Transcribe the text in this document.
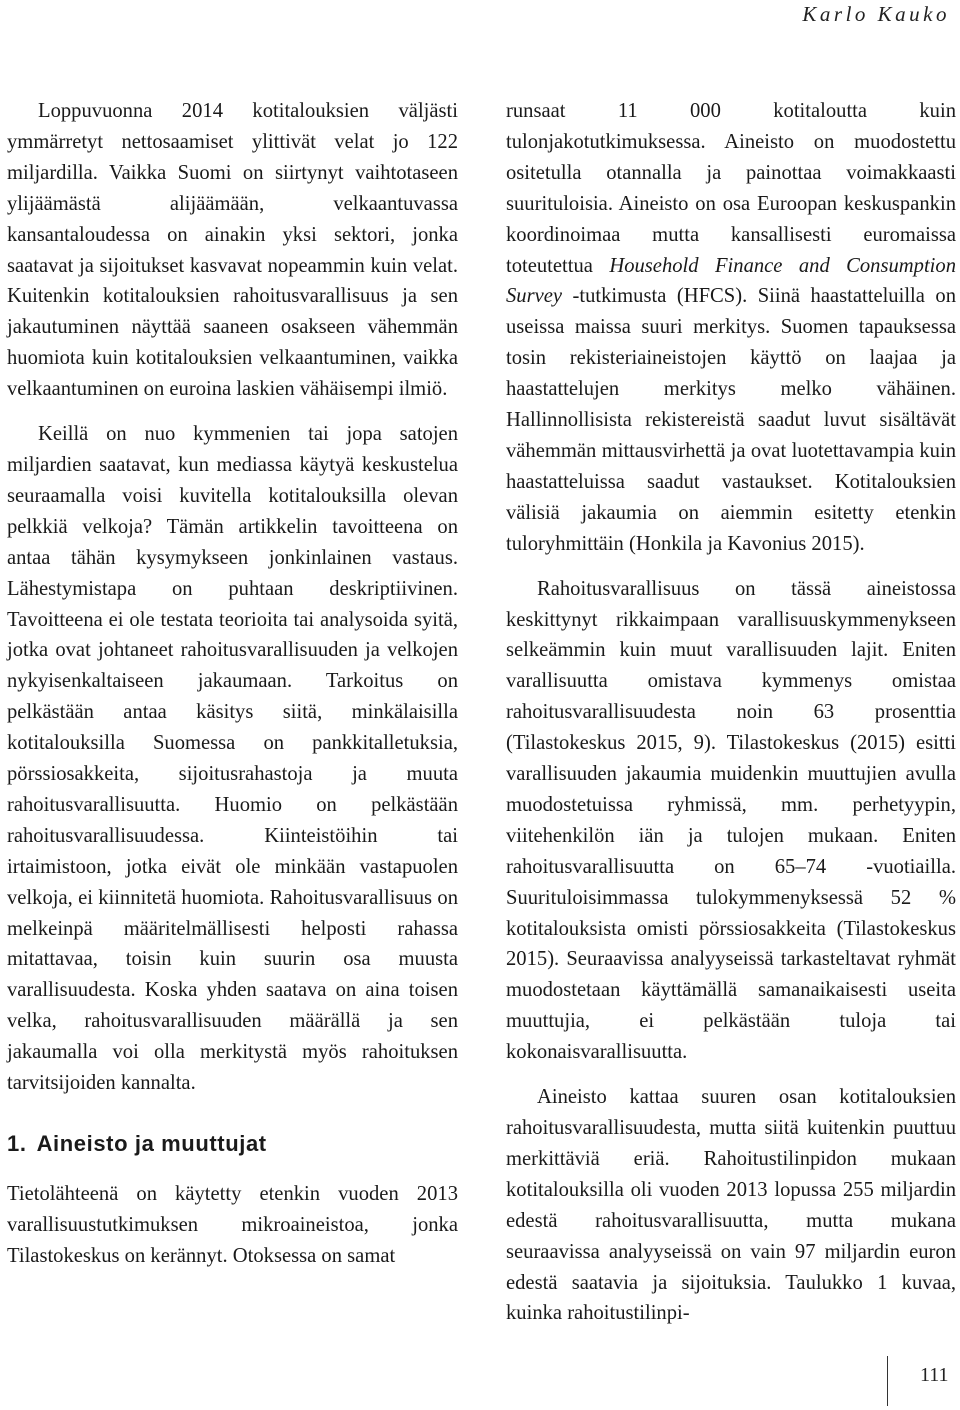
Karlo Kauko

Loppuvuonna 2014 kotitalouksien väljästi ymmärretyt nettosaamiset ylittivät velat jo 122 miljardilla. Vaikka Suomi on siirtynyt vaihtotaseen ylijäämästä alijäämään, velkaantuvassa kansantaloudessa on ainakin yksi sektori, jonka saatavat ja sijoitukset kasvavat nopeammin kuin velat. Kuitenkin kotitalouksien rahoitusvarallisuus ja sen jakautuminen näyttää saaneen osakseen vähemmän huomiota kuin kotitalouksien velkaantuminen, vaikka velkaantuminen on euroina laskien vähäisempi ilmiö.

Keillä on nuo kymmenien tai jopa satojen miljardien saatavat, kun mediassa käytyä keskustelua seuraamalla voisi kuvitella kotitalouksilla olevan pelkkiä velkoja? Tämän artikkelin tavoitteena on antaa tähän kysymykseen jonkinlainen vastaus. Lähestymistapa on puhtaan deskriptiivinen. Tavoitteena ei ole testata teorioita tai analysoida syitä, jotka ovat johtaneet rahoitusvarallisuuden ja velkojen nykyisenkaltaiseen jakaumaan. Tarkoitus on pelkästään antaa käsitys siitä, minkälaisilla kotitalouksilla Suomessa on pankkitalletuksia, pörssiosakkeita, sijoitusrahastoja ja muuta rahoitusvarallisuutta. Huomio on pelkästään rahoitusvarallisuudessa. Kiinteistöihin tai irtaimistoon, jotka eivät ole minkään vastapuolen velkoja, ei kiinnitetä huomiota. Rahoitusvarallisuus on melkeinpä määritelmällisesti helposti rahassa mitattavaa, toisin kuin suurin osa muusta varallisuudesta. Koska yhden saatava on aina toisen velka, rahoitusvarallisuuden määrällä ja sen jakaumalla voi olla merkitystä myös rahoituksen tarvitsijoiden kannalta.

1. Aineisto ja muuttujat

Tietolähteenä on käytetty etenkin vuoden 2013 varallisuustutkimuksen mikroaineistoa, jonka Tilastokeskus on kerännyt. Otoksessa on samat

runsaat 11 000 kotitaloutta kuin tulonjakotutkimuksessa. Aineisto on muodostettu ositetulla otannalla ja painottaa voimakkaasti suurituloisia. Aineisto on osa Euroopan keskuspankin koordinoimaa mutta kansallisesti euromaissa toteutettua Household Finance and Consumption Survey -tutkimusta (HFCS). Siinä haastatteluilla on useissa maissa suuri merkitys. Suomen tapauksessa tosin rekisteriaineistojen käyttö on laajaa ja haastattelujen merkitys melko vähäinen. Hallinnollisista rekistereistä saadut luvut sisältävät vähemmän mittausvirhettä ja ovat luotettavampia kuin haastatteluissa saadut vastaukset. Kotitalouksien välisiä jakaumia on aiemmin esitetty etenkin tuloryhmittäin (Honkila ja Kavonius 2015).

Rahoitusvarallisuus on tässä aineistossa keskittynyt rikkaimpaan varallisuuskymmenykseen selkeämmin kuin muut varallisuuden lajit. Eniten varallisuutta omistava kymmenys omistaa rahoitusvarallisuudesta noin 63 prosenttia (Tilastokeskus 2015, 9). Tilastokeskus (2015) esitti varallisuuden jakaumia muidenkin muuttujien avulla muodostetuissa ryhmissä, mm. perhetyypin, viitehenkilön iän ja tulojen mukaan. Eniten rahoitusvarallisuutta on 65–74 -vuotiailla. Suurituloisimmassa tulokymmenyksessä 52 % kotitalouksista omisti pörssiosakkeita (Tilastokeskus 2015). Seuraavissa analyyseissä tarkasteltavat ryhmät muodostetaan käyttämällä samanaikaisesti useita muuttujia, ei pelkästään tuloja tai kokonaisvarallisuutta.

Aineisto kattaa suuren osan kotitalouksien rahoitusvarallisuudesta, mutta siitä kuitenkin puuttuu merkittäviä eriä. Rahoitustilinpidon mukaan kotitalouksilla oli vuoden 2013 lopussa 255 miljardin edestä rahoitusvarallisuutta, mutta mukana seuraavissa analyyseissä on vain 97 miljardin euron edestä saatavia ja sijoituksia. Taulukko 1 kuvaa, kuinka rahoitustilinpi-

111
